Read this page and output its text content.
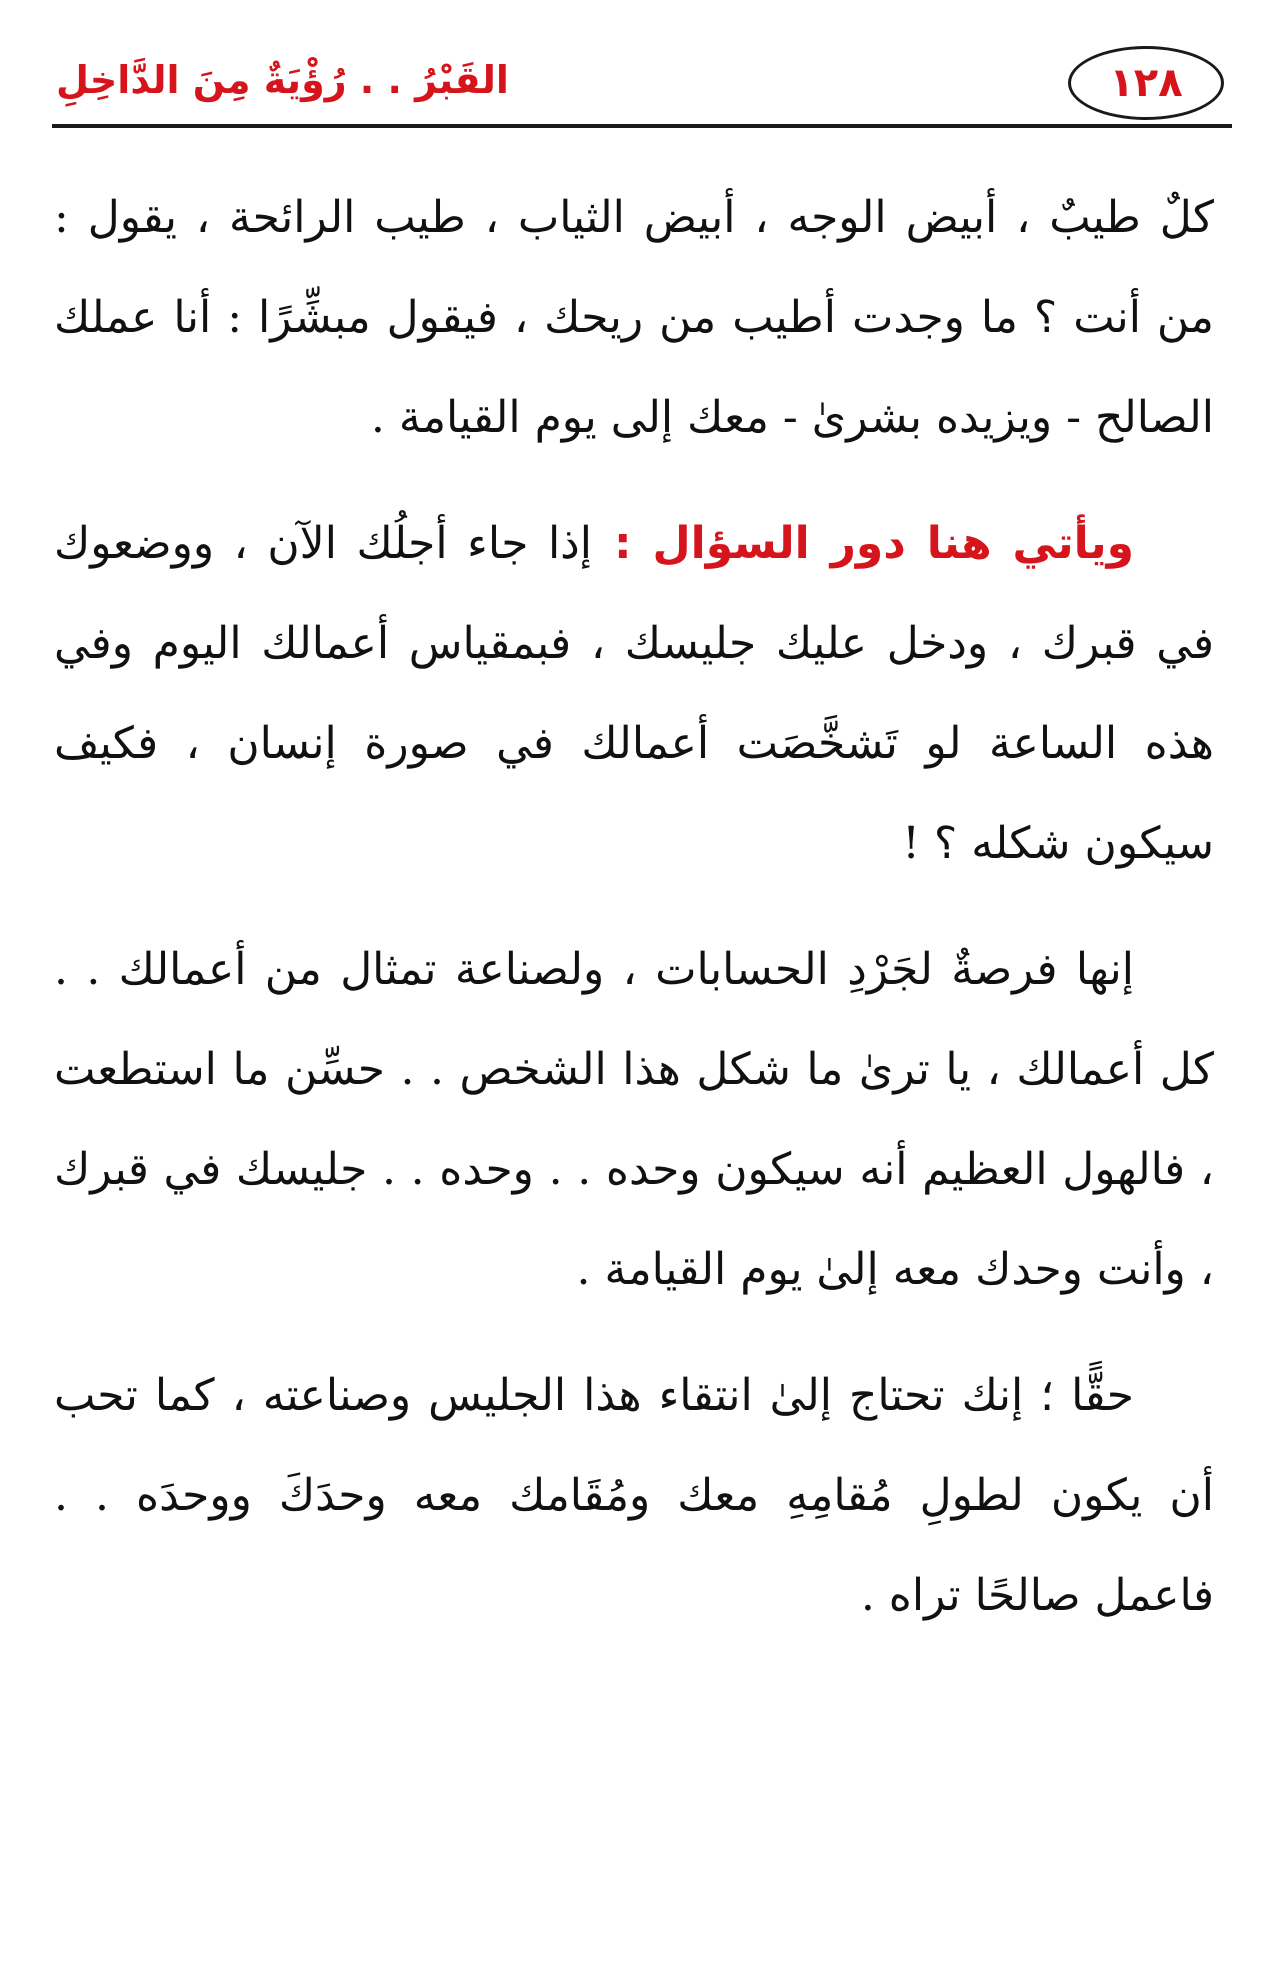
١٢٨
القَبْرُ . . رُؤْيَةٌ مِنَ الدَّاخِلِ

كلٌ طيبٌ ، أبيض الوجه ، أبيض الثياب ، طيب الرائحة ، يقول : من أنت ؟ ما وجدت أطيب من ريحك ، فيقول مبشِّرًا : أنا عملك الصالح - ويزيده بشرىٰ - معك إلى يوم القيامة .

ويأتي هنا دور السؤال :إذا جاء أجلُك الآن ، ووضعوك في قبرك ، ودخل عليك جليسك ، فبمقياس أعمالك اليوم وفي هذه الساعة لو تَشخَّصَت أعمالك في صورة إنسان ، فكيف سيكون شكله ؟ !

إنها فرصةٌ لجَرْدِ الحسابات ، ولصناعة تمثال من أعمالك . . كل أعمالك ، يا ترىٰ ما شكل هذا الشخص . . حسِّن ما استطعت ، فالهول العظيم أنه سيكون وحده . . وحده . . جليسك في قبرك ، وأنت وحدك معه إلىٰ يوم القيامة .

حقًّا ؛ إنك تحتاج إلىٰ انتقاء هذا الجليس وصناعته ، كما تحب أن يكون لطولِ مُقامِهِ معك ومُقَامك معه وحدَكَ ووحدَه . . فاعمل صالحًا تراه .
